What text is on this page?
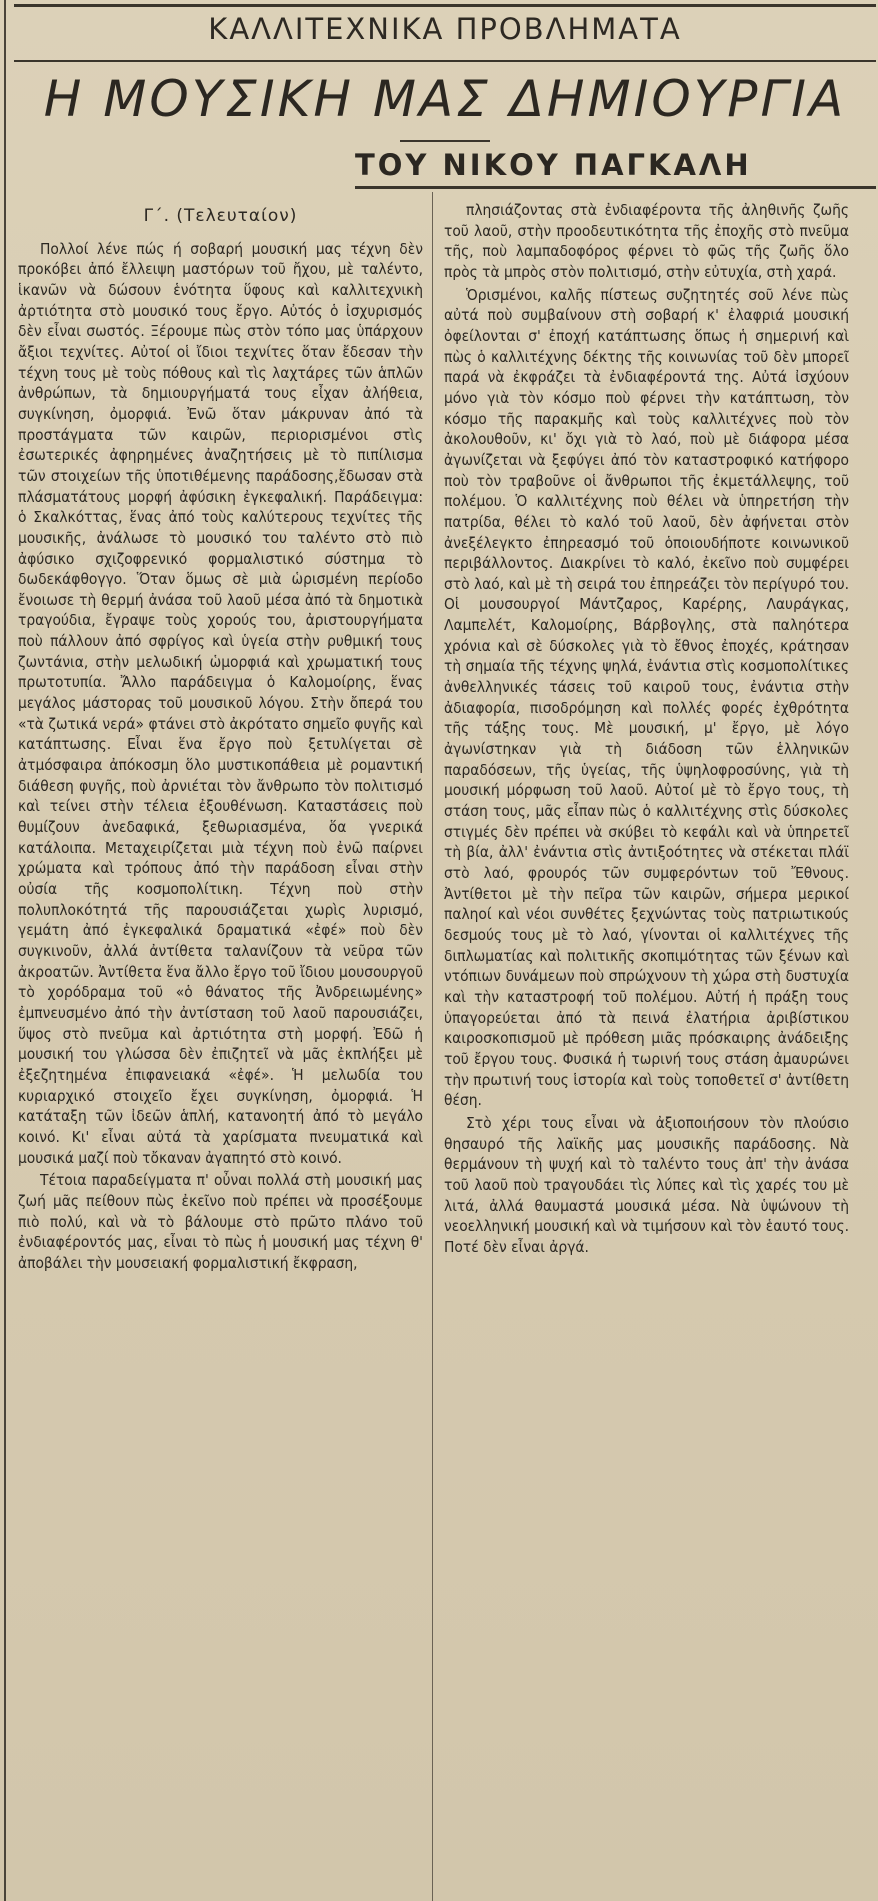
ΚΑΛΛΙΤΕΧΝΙΚΑ ΠΡΟΒΛΗΜΑΤΑ
Η ΜΟΥΣΙΚΗ ΜΑΣ ΔΗΜΙΟΥΡΓΙΑ
ΤΟΥ ΝΙΚΟΥ ΠΑΓΚΑΛΗ

Γ΄. (Τελευταίον)

Πολλοί λένε πώς ή σοβαρή μουσική μας τέχνη δὲν προκόβει ἀπό ἔλλειψη μαστόρων τοῦ ἤχου, μὲ ταλέντο, ἱκανῶν νὰ δώσουν ἑνότητα ὕφους καὶ καλλιτεχνικὴ ἀρτιότητα στὸ μουσικό τους ἔργο. Αὐτός ὁ ἰσχυρισμός δὲν εἶναι σωστός. Ξέρουμε πὼς στὸν τόπο μας ὑπάρχουν ἄξιοι τεχνίτες. Αὐτοί οἱ ἴδιοι τεχνίτες ὅταν ἔδεσαν τὴν τέχνη τους μὲ τοὺς πόθους καὶ τὶς λαχτάρες τῶν ἁπλῶν ἀνθρώπων, τὰ δημιουργήματά τους εἶχαν ἀλήθεια, συγκίνηση, ὀμορφιά. Ἐνῶ ὅταν μάκρυναν ἀπό τὰ προστάγματα τῶν καιρῶν, περιορισμένοι στὶς ἐσωτερικές ἀφηρημένες ἀναζητήσεις μὲ τὸ πιπίλισμα τῶν στοιχείων τῆς ὑποτιθέμενης παράδοσης,ἔδωσαν στὰ πλάσματάτους μορφή ἀφύσικη ἐγκεφαλική. Παράδειγμα: ὁ Σκαλκόττας, ἕνας ἀπό τοὺς καλύτερους τεχνίτες τῆς μουσικῆς, ἀνάλωσε τὸ μουσικό του ταλέντο στὸ πιὸ ἀφύσικο σχιζοφρενικό φορμαλιστικό σύστημα τὸ δωδεκάφθογγο. Ὅταν ὅμως σὲ μιὰ ὡρισμένη περίοδο ἔνοιωσε τὴ θερμή ἀνάσα τοῦ λαοῦ μέσα ἀπό τὰ δημοτικὰ τραγούδια, ἔγραψε τοὺς χορούς του, ἀριστουργήματα ποὺ πάλλουν ἀπό σφρίγος καὶ ὑγεία στὴν ρυθμική τους ζωντάνια, στὴν μελωδική ὡμορφιά καὶ χρωματική τους πρωτοτυπία. Ἄλλο παράδειγμα ὁ Καλομοίρης, ἕνας μεγάλος μάστορας τοῦ μουσικοῦ λόγου. Στὴν ὄπερά του «τὰ ζωτικά νερά» φτάνει στὸ ἀκρότατο σημεῖο φυγῆς καὶ κατάπτωσης. Εἶναι ἕνα ἔργο ποὺ ξετυλίγεται σὲ ἀτμόσφαιρα ἀπόκοσμη ὅλο μυστικοπάθεια μὲ ρομαντική διάθεση φυγῆς, ποὺ ἀρνιέται τὸν ἄνθρωπο τὸν πολιτισμό καὶ τείνει στὴν τέλεια ἐξουθένωση. Καταστάσεις ποὺ θυμίζουν ἀνεδαφικά, ξεθωριασμένα, ὅα γνερικά κατάλοιπα. Μεταχειρίζεται μιὰ τέχνη ποὺ ἐνῶ παίρνει χρώματα καὶ τρόπους ἀπό τὴν παράδοση εἶναι στὴν οὐσία τῆς κοσμοπολίτικη. Τέχνη ποὺ στὴν πολυπλοκότητά τῆς παρουσιάζεται χωρὶς λυρισμό, γεμάτη ἀπό ἐγκεφαλικά δραματικά «ἐφέ» ποὺ δὲν συγκινοῦν, ἀλλά ἀντίθετα ταλανίζουν τὰ νεῦρα τῶν ἀκροατῶν. Ἀντίθετα ἕνα ἄλλο ἔργο τοῦ ἴδιου μουσουργοῦ τὸ χορόδραμα τοῦ «ὁ θάνατος τῆς Ἀνδρειωμένης» ἐμπνευσμένο ἀπό τὴν ἀντίσταση τοῦ λαοῦ παρουσιάζει, ὕψος στὸ πνεῦμα καὶ ἀρτιότητα στὴ μορφή. Ἐδῶ ἡ μουσική του γλώσσα δὲν ἐπιζητεῖ νὰ μᾶς ἐκπλήξει μὲ ἐξεζητημένα ἐπιφανειακά «ἐφέ». Ἡ μελωδία του κυριαρχικό στοιχεῖο ἔχει συγκίνηση, ὀμορφιά. Ἡ κατάταξη τῶν ἰδεῶν ἁπλή, κατανοητή ἀπό τὸ μεγάλο κοινό. Κι' εἶναι αὐτά τὰ χαρίσματα πνευματικά καὶ μουσικά μαζί ποὺ τὄκαναν ἀγαπητό στὸ κοινό.

Τέτοια παραδείγματα π' οὖναι πολλά στὴ μουσική μας ζωή μᾶς πείθουν πὼς ἐκεῖνο ποὺ πρέπει νὰ προσέξουμε πιὸ πολύ, καὶ νὰ τὸ βάλουμε στὸ πρῶτο πλάνο τοῦ ἐνδιαφέροντός μας, εἶναι τὸ πὼς ἡ μουσική μας τέχνη θ' ἀποβάλει τὴν μουσειακή φορμαλιστική ἔκφραση,

πλησιάζοντας στὰ ἐνδιαφέροντα τῆς ἀληθινῆς ζωῆς τοῦ λαοῦ, στὴν προοδευτικότητα τῆς ἐποχῆς στὸ πνεῦμα τῆς, ποὺ λαμπαδοφόρος φέρνει τὸ φῶς τῆς ζωῆς ὅλο πρὸς τὰ μπρὸς στὸν πολιτισμό, στὴν εὐτυχία, στὴ χαρά.

Ὁρισμένοι, καλῆς πίστεως συζητητές σοῦ λένε πὼς αὐτά ποὺ συμβαίνουν στὴ σοβαρή κ' ἐλαφριά μουσική ὀφείλονται σ' ἐποχή κατάπτωσης ὅπως ἡ σημερινή καὶ πὼς ὁ καλλιτέχνης δέκτης τῆς κοινωνίας τοῦ δὲν μπορεῖ παρά νὰ ἐκφράζει τὰ ἐνδιαφέροντά της. Αὐτά ἰσχύουν μόνο γιὰ τὸν κόσμο ποὺ φέρνει τὴν κατάπτωση, τὸν κόσμο τῆς παρακμῆς καὶ τοὺς καλλιτέχνες ποὺ τὸν ἀκολουθοῦν, κι' ὄχι γιὰ τὸ λαό, ποὺ μὲ διάφορα μέσα ἀγωνίζεται νὰ ξεφύγει ἀπό τὸν καταστροφικό κατήφορο ποὺ τὸν τραβοῦνε οἱ ἄνθρωποι τῆς ἐκμετάλλεψης, τοῦ πολέμου. Ὁ καλλιτέχνης ποὺ θέλει νὰ ὑπηρετήση τὴν πατρίδα, θέλει τὸ καλό τοῦ λαοῦ, δὲν ἀφήνεται στὸν ἀνεξέλεγκτο ἐπηρεασμό τοῦ ὁποιουδήποτε κοινωνικοῦ περιβάλλοντος. Διακρίνει τὸ καλό, ἐκεῖνο ποὺ συμφέρει στὸ λαό, καὶ μὲ τὴ σειρά του ἐπηρεάζει τὸν περίγυρό του. Οἱ μουσουργοί Μάντζαρος, Καρέρης, Λαυράγκας, Λαμπελέτ, Καλομοίρης, Βάρβογλης, στὰ παληότερα χρόνια καὶ σὲ δύσκολες γιὰ τὸ ἔθνος ἐποχές, κράτησαν τὴ σημαία τῆς τέχνης ψηλά, ἐνάντια στὶς κοσμοπολίτικες ἀνθελληνικές τάσεις τοῦ καιροῦ τους, ἐνάντια στὴν ἀδιαφορία, πισοδρόμηση καὶ πολλές φορές ἐχθρότητα τῆς τάξης τους. Μὲ μουσική, μ' ἔργο, μὲ λόγο ἀγωνίστηκαν γιὰ τὴ διάδοση τῶν ἑλληνικῶν παραδόσεων, τῆς ὑγείας, τῆς ὑψηλοφροσύνης, γιὰ τὴ μουσική μόρφωση τοῦ λαοῦ. Αὐτοί μὲ τὸ ἔργο τους, τὴ στάση τους, μᾶς εἶπαν πὼς ὁ καλλιτέχνης στὶς δύσκολες στιγμές δὲν πρέπει νὰ σκύβει τὸ κεφάλι καὶ νὰ ὑπηρετεῖ τὴ βία, ἀλλ' ἐνάντια στὶς ἀντιξοότητες νὰ στέκεται πλάϊ στὸ λαό, φρουρός τῶν συμφερόντων τοῦ Ἔθνους. Ἀντίθετοι μὲ τὴν πεῖρα τῶν καιρῶν, σήμερα μερικοί παληοί καὶ νέοι συνθέτες ξεχνώντας τοὺς πατριωτικούς δεσμούς τους μὲ τὸ λαό, γίνονται οἱ καλλιτέχνες τῆς διπλωματίας καὶ πολιτικῆς σκοπιμότητας τῶν ξένων καὶ ντόπιων δυνάμεων ποὺ σπρώχνουν τὴ χώρα στὴ δυστυχία καὶ τὴν καταστροφή τοῦ πολέμου. Αὐτή ἡ πράξη τους ὑπαγορεύεται ἀπό τὰ πεινά ἐλατήρια ἀριβίστικου καιροσκοπισμοῦ μὲ πρόθεση μιᾶς πρόσκαιρης ἀνάδειξης τοῦ ἔργου τους. Φυσικά ἡ τωρινή τους στάση ἀμαυρώνει τὴν πρωτινή τους ἱστορία καὶ τοὺς τοποθετεῖ σ' ἀντίθετη θέση.

Στὸ χέρι τους εἶναι νὰ ἀξιοποιήσουν τὸν πλούσιο θησαυρό τῆς λαϊκῆς μας μουσικῆς παράδοσης. Νὰ θερμάνουν τὴ ψυχή καὶ τὸ ταλέντο τους ἀπ' τὴν ἀνάσα τοῦ λαοῦ ποὺ τραγουδάει τὶς λύπες καὶ τὶς χαρές του μὲ λιτά, ἀλλά θαυμαστά μουσικά μέσα. Νὰ ὑψώνουν τὴ νεοελληνική μουσική καὶ νὰ τιμήσουν καὶ τὸν ἑαυτό τους. Ποτέ δὲν εἶναι ἀργά.
